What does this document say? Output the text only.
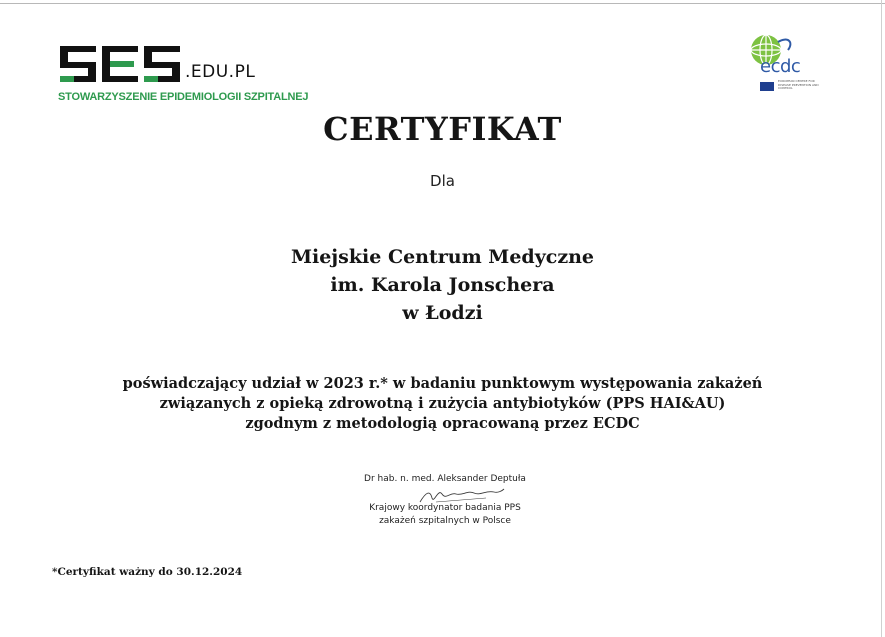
.EDU.PL
STOWARZYSZENIE EPIDEMIOLOGII SZPITALNEJ
ecdc
EUROPEAN CENTRE FOR DISEASE PREVENTION AND CONTROL
CERTYFIKAT
Dla
Miejskie Centrum Medyczne
im. Karola Jonschera
w Łodzi
poświadczający udział w 2023 r.* w badaniu punktowym występowania zakażeń
związanych z opieką zdrowotną i zużycia antybiotyków (PPS HAI&AU)
zgodnym z metodologią opracowaną przez ECDC
Dr hab. n. med. Aleksander Deptuła
Krajowy koordynator badania PPS
zakażeń szpitalnych w Polsce
*Certyfikat ważny do 30.12.2024
